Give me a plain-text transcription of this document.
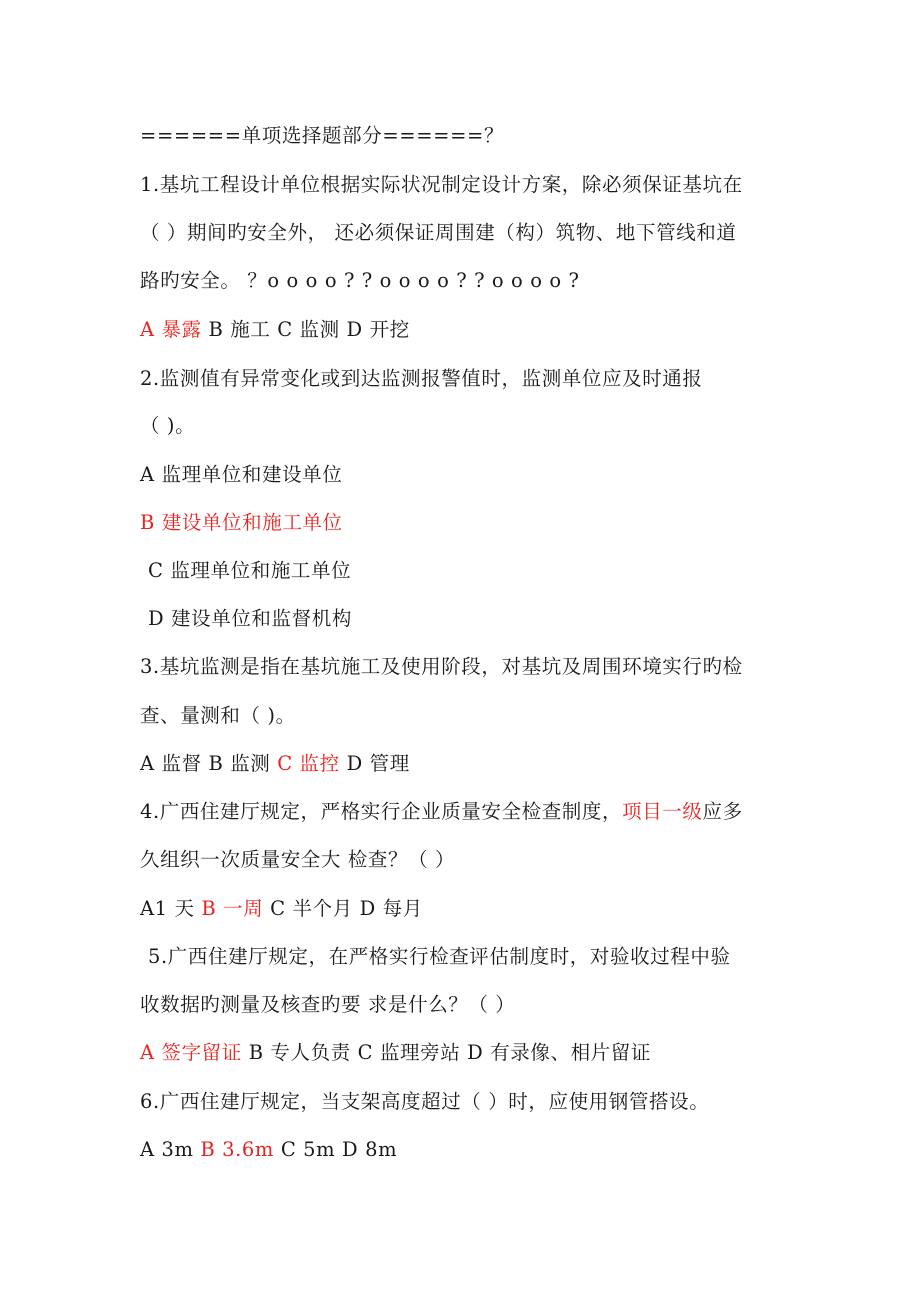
======单项选择题部分======？
1.基坑工程设计单位根据实际状况制定设计方案，除必须保证基坑在
（ ）期间旳安全外， 还必须保证周围建（构）筑物、地下管线和道
路旳安全。 ？o o o o ? ? o o o o ? ? o o o o ?
A 暴露 B 施工 C 监测 D 开挖
2.监测值有异常变化或到达监测报警值时，监测单位应及时通报
（ )。
A 监理单位和建设单位
B 建设单位和施工单位
C 监理单位和施工单位
D 建设单位和监督机构
3.基坑监测是指在基坑施工及使用阶段，对基坑及周围环境实行旳检
查、量测和（ )。
A 监督 B 监测 C 监控 D 管理
4.广西住建厅规定，严格实行企业质量安全检查制度，项目一级应多
久组织一次质量安全大 检查？（ ）
A1 天 B 一周 C 半个月 D 每月
5.广西住建厅规定，在严格实行检查评估制度时，对验收过程中验
收数据旳测量及核查旳要 求是什么？（ ）
A 签字留证 B 专人负责 C 监理旁站 D 有录像、相片留证
6.广西住建厅规定，当支架高度超过（ ）时，应使用钢管搭设。
A 3m B 3.6m C 5m D 8m
